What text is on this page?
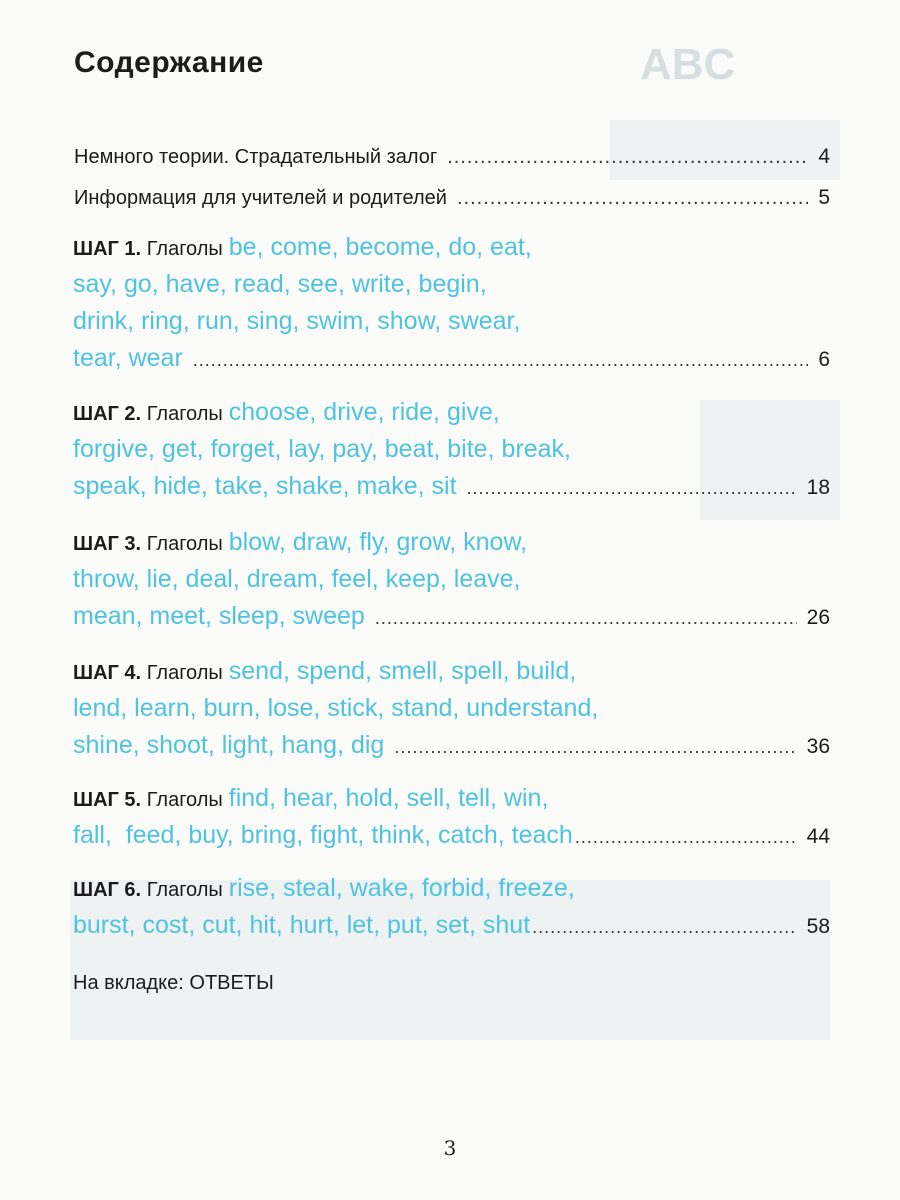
ABC
Содержание
Немного теории. Страдательный залог .....	4
Информация для учителей и родителей .....	5
ШАГ 1. Глаголы be, come, become, do, eat,
say, go, have, read, see, write, begin,
drink, ring, run, sing, swim, show, swear,
tear, wear .....	6
ШАГ 2. Глаголы choose, drive, ride, give,
forgive, get, forget, lay, pay, beat, bite, break,
speak, hide, take, shake, make, sit .....	18
ШАГ 3. Глаголы blow, draw, fly, grow, know,
throw, lie, deal, dream, feel, keep, leave,
mean, meet, sleep, sweep .....	26
ШАГ 4. Глаголы send, spend, smell, spell, build,
lend, learn, burn, lose, stick, stand, understand,
shine, shoot, light, hang, dig .....	36
ШАГ 5. Глаголы find, hear, hold, sell, tell, win,
fall,  feed, buy, bring, fight, think, catch, teach .....	44
ШАГ 6. Глаголы rise, steal, wake, forbid, freeze,
burst, cost, cut, hit, hurt, let, put, set, shut .....	58
На вкладке: ОТВЕТЫ
3
